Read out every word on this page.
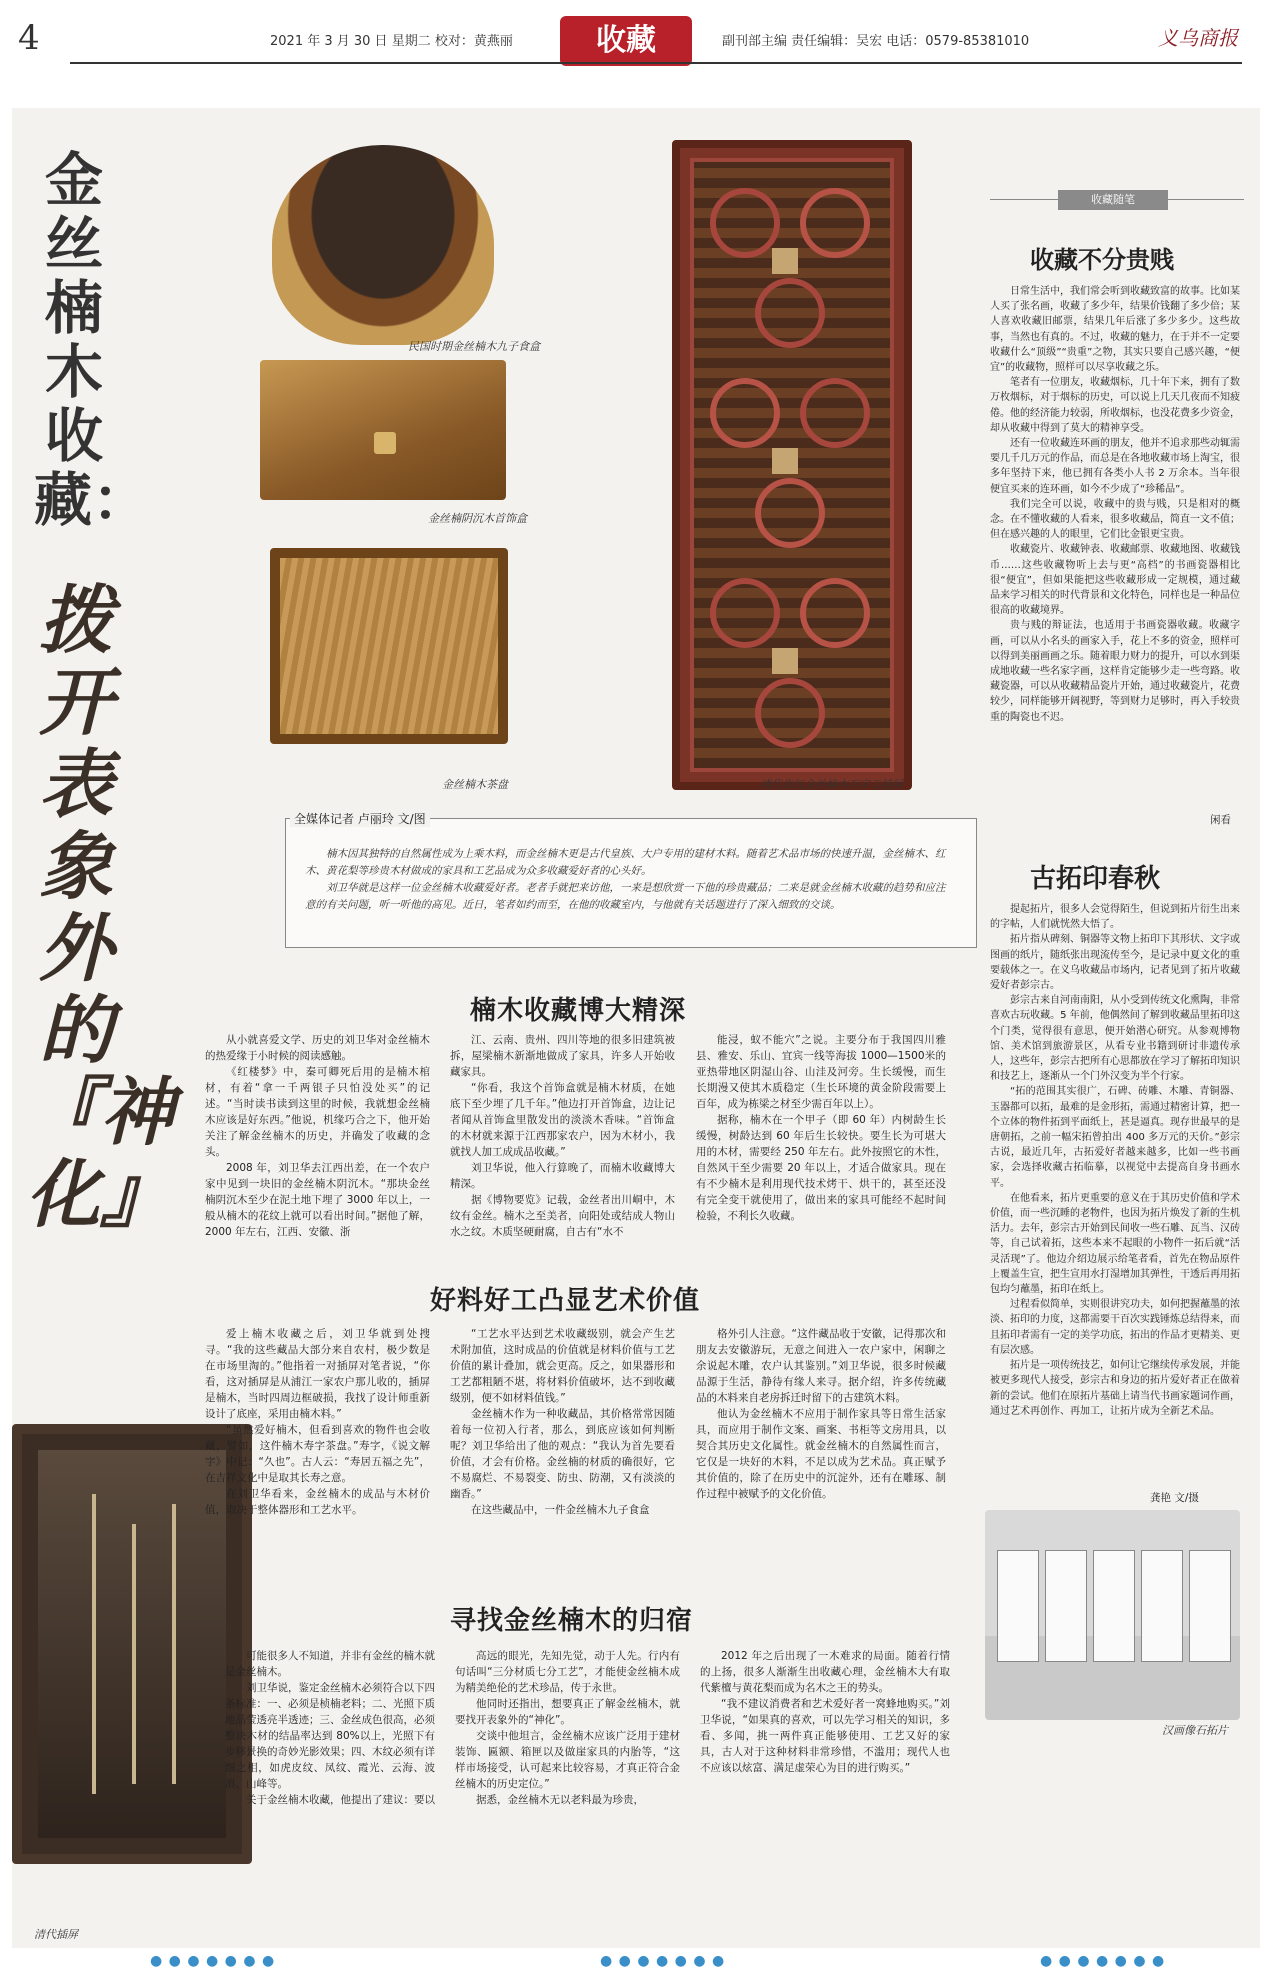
4	2021 年 3 月 30 日 星期二 校对：黄燕丽	收藏	副刊部主编 责任编辑：吴宏 电话：0579-85381010	义乌商报
金丝楠木收藏：
拨开表象外的『神化』
民国时期金丝楠木九子食盒
金丝楠阴沉木首饰盒
金丝楠木茶盘	清代朱红金丝楠木万字工挂屏
清代插屏
汉画像石拓片
全媒体记者 卢丽玲 文/图

楠木因其独特的自然属性成为上乘木料，而金丝楠木更是古代皇族、大户专用的建材木料。随着艺术品市场的快速升温，金丝楠木、红木、黄花梨等珍贵木材做成的家具和工艺品成为众多收藏爱好者的心头好。

刘卫华就是这样一位金丝楠木收藏爱好者。老者手就把来访他，一来是想欣赏一下他的珍贵藏品；二来是就金丝楠木收藏的趋势和应注意的有关问题，听一听他的高见。近日，笔者如约而至，在他的收藏室内，与他就有关话题进行了深入细致的交谈。

楠木收藏博大精深

从小就喜爱文学、历史的刘卫华对金丝楠木的热爱缘于小时候的阅读感触。

《红楼梦》中，秦可卿死后用的是楠木棺材，有着“拿一千两银子只怕没处买”的记述。“当时读书读到这里的时候，我就想金丝楠木应该是好东西。”他说，机缘巧合之下，他开始关注了解金丝楠木的历史，并确发了收藏的念头。

2008 年，刘卫华去江西出差，在一个农户家中见到一块旧的金丝楠木阴沉木。“那块金丝楠阴沉木至少在泥土地下埋了 3000 年以上，一般从楠木的花纹上就可以看出时间。”据他了解，2000 年左右，江西、安徽、浙

江、云南、贵州、四川等地的很多旧建筑被拆，屋梁楠木新渐地做成了家具，许多人开始收藏家具。

“你看，我这个首饰盒就是楠木材质，在她底下至少埋了几千年。”他边打开首饰盒，边让记者闻从首饰盒里散发出的淡淡木香味。“首饰盒的木材就来源于江西那家农户，因为木材小，我就找人加工成成品收藏。”

刘卫华说，他入行算晚了，而楠木收藏博大精深。

据《博物要览》记载，金丝者出川峒中，木纹有金丝。楠木之至美者，向阳处或结成人物山水之纹。木质坚硬耐腐，自古有“水不

能浸，蚁不能穴”之说。主要分布于我国四川雅县、雅安、乐山、宜宾一线等海拔 1000—1500米的亚热带地区阴湿山谷、山洼及河旁。生长缓慢，而生长期漫又使其木质稳定（生长环境的黄金阶段需要上百年，成为栋梁之材至少需百年以上）。

据称，楠木在一个甲子（即 60 年）内树龄生长缓慢，树龄达到 60 年后生长较快。要生长为可堪大用的木材，需要经 250 年左右。此外按照它的木性，自然风干至少需要 20 年以上，才适合做家具。现在有不少楠木是利用现代技术烤干、烘干的，甚至还没有完全变干就使用了，做出来的家具可能经不起时间检验，不利长久收藏。

好料好工凸显艺术价值

爱上楠木收藏之后，刘卫华就到处搜寻。“我的这些藏品大部分来自农村，极少数是在市场里淘的。”他指着一对插屏对笔者说，“你看，这对插屏是从浦江一家农户那儿收的，插屏是楠木，当时四周边框破损，我找了设计师重新设计了底座，采用由楠木料。”

“虽然爱好楠木，但看到喜欢的物件也会收藏，譬如，这件楠木寿字茶盘。”寿字，《说文解字》中记：“久也”。古人云：“寿居五福之先”，在吉祥文化中是取其长寿之意。

在刘卫华看来，金丝楠木的成品与木材价值，取决于整体器形和工艺水平。

“工艺水平达到艺术收藏级别，就会产生艺术附加值，这时成品的价值就是材料价值与工艺价值的累计叠加，就会更高。反之，如果器形和工艺都粗陋不堪，将材料价值破坏，达不到收藏级别，便不如材料值钱。”

金丝楠木作为一种收藏品，其价格常常因随着每一位初入行者，那么，到底应该如何判断呢？刘卫华给出了他的观点：“我认为首先要看价值，才会有价格。金丝楠的材质的确很好，它不易腐烂、不易裂变、防虫、防潮，又有淡淡的幽香。”

在这些藏品中，一件金丝楠木九子食盒

格外引人注意。“这件藏品收于安徽，记得那次和朋友去安徽游玩，无意之间进入一农户家中，闲聊之余说起木雕，农户认其鉴别。”刘卫华说，很多时候藏品源于生活，静待有缘人来寻。据介绍，许多传统藏品的木料来自老房拆迁时留下的古建筑木料。

他认为金丝楠木不应用于制作家具等日常生活家具，而应用于制作文案、画案、书柜等文房用具，以契合其历史文化属性。就金丝楠木的自然属性而言，它仅是一块好的木料，不足以成为艺术品。真正赋予其价值的，除了在历史中的沉淀外，还有在雕琢、制作过程中被赋予的文化价值。

寻找金丝楠木的归宿

可能很多人不知道，并非有金丝的楠木就是金丝楠木。

刘卫华说，鉴定金丝楠木必须符合以下四条标准：一、必须是桢楠老料；二、光照下质地晶莹透亮半透迹；三、金丝成色很高，必须整块木材的结晶率达到 80%以上，光照下有步移景换的奇妙光影效果；四、木纹必须有详细之相，如虎皮纹、凤纹、霞光、云海、波浪、山峰等。

关于金丝楠木收藏，他提出了建议：要以

高远的眼光，先知先觉，动于人先。行内有句话叫“三分材质七分工艺”，才能使金丝楠木成为精美绝伦的艺术珍品，传于永世。

他同时还指出，想要真正了解金丝楠木，就要找开表象外的“神化”。

交谈中他坦言，金丝楠木应该广泛用于建材装饰、匾额、箱匣以及做崖家具的内胎等，“这样市场接受，认可起来比较容易，才真正符合金丝楠木的历史定位。”

据悉，金丝楠木无以老料最为珍贵，

2012 年之后出现了一木难求的局面。随着行情的上扬，很多人渐渐生出收藏心理，金丝楠木大有取代紫檀与黄花梨而成为名木之王的势头。

“我不建议消费者和艺术爱好者一窝蜂地购买。”刘卫华说，“如果真的喜欢，可以先学习相关的知识，多看、多闻，挑一两件真正能够使用、工艺又好的家具，古人对于这种材料非常珍惜，不滥用；现代人也不应该以炫富、满足虚荣心为目的进行购买。”

收藏随笔
收藏不分贵贱

日常生活中，我们常会听到收藏致富的故事。比如某人买了张名画，收藏了多少年，结果价钱翻了多少倍；某人喜欢收藏旧邮票，结果几年后涨了多少多少。这些故事，当然也有真的。不过，收藏的魅力，在于并不一定要收藏什么“顶级”“贵重”之物，其实只要自己感兴趣，“便宜”的收藏物，照样可以尽享收藏之乐。

笔者有一位朋友，收藏烟标，几十年下来，拥有了数万枚烟标，对于烟标的历史，可以说上几天几夜而不知疲倦。他的经济能力较弱，所收烟标，也没花费多少资金，却从收藏中得到了莫大的精神享受。

还有一位收藏连环画的朋友，他并不追求那些动辄需要几千几万元的作品，而总是在各地收藏市场上淘宝，很多年坚持下来，他已拥有各类小人书 2 万余本。当年很便宜买来的连环画，如今不少成了“珍稀品”。

我们完全可以说，收藏中的贵与贱，只是相对的概念。在不懂收藏的人看来，很多收藏品，简直一文不值；但在感兴趣的人的眼里，它们比金银更宝贵。

收藏瓷片、收藏钟表、收藏邮票、收藏地图、收藏钱币……这些收藏物听上去与更“高档”的书画瓷器相比很“便宜”，但如果能把这些收藏形成一定规模，通过藏品来学习相关的时代背景和文化特色，同样也是一种品位很高的收藏境界。

贵与贱的辩证法，也适用于书画瓷器收藏。收藏字画，可以从小名头的画家入手，花上不多的资金，照样可以得到美丽画画之乐。随着眼力财力的提升，可以水到渠成地收藏一些名家字画，这样肯定能够少走一些弯路。收藏瓷器，可以从收藏精品瓷片开始，通过收藏瓷片，花费较少，同样能够开阔视野，等到财力足够时，再入手较贵重的陶瓷也不迟。

闲看
古拓印春秋

提起拓片，很多人会觉得陌生，但说到拓片衍生出来的字帖，人们就恍然大悟了。

拓片指从碑刻、铜器等文物上拓印下其形状、文字或图画的纸片，随纸张出现流传至今，是记录中夏文化的重要载体之一。在义乌收藏品市场内，记者见到了拓片收藏爱好者彭宗古。

彭宗古来自河南南阳，从小受到传统文化熏陶，非常喜欢古玩收藏。5 年前，他偶然间了解到收藏品里拓印这个门类，觉得很有意思，便开始潜心研究。从参观博物馆、美术馆到旅游景区，从看专业书籍到研讨非遗传承人，这些年，彭宗古把所有心思都放在学习了解拓印知识和技艺上，逐渐从一个门外汉变为半个行家。

“拓的范围其实很广，石碑、砖雕、木雕、青铜器、玉器都可以拓，最难的是金形拓，需通过精密计算，把一个立体的物件拓到平面纸上，甚是逼真。现存世最早的是唐朝拓，之前一幅宋拓曾拍出 400 多万元的天价。”彭宗古说，最近几年，古拓爱好者越来越多，比如一些书画家，会选择收藏古拓临摹，以视觉中去提高自身书画水平。

在他看来，拓片更重要的意义在于其历史价值和学术价值，而一些沉睡的老物件，也因为拓片焕发了新的生机活力。去年，彭宗古开始到民间收一些石雕、瓦当、汉砖等，自己试着拓，这些本来不起眼的小物件一拓后就“活灵活现”了。他边介绍边展示给笔者看，首先在物品原件上覆盖生宣，把生宣用水打湿增加其弹性，干透后再用拓包均匀蘸墨，拓印在纸上。

过程看似简单，实则很讲究功夫，如何把握蘸墨的浓淡、拓印的力度，这都需要干百次实践锤炼总结得来，而且拓印者需有一定的美学功底，拓出的作品才更精美、更有层次感。

拓片是一项传统技艺，如何让它继续传承发展，并能被更多现代人接受，彭宗古和身边的拓片爱好者正在做着新的尝试。他们在原拓片基础上请当代书画家题词作画，通过艺术再创作、再加工，让拓片成为全新艺术品。

龚艳 文/摄
● ● ● ● ● ● ●	● ● ● ● ● ● ●	● ● ● ● ● ● ●
